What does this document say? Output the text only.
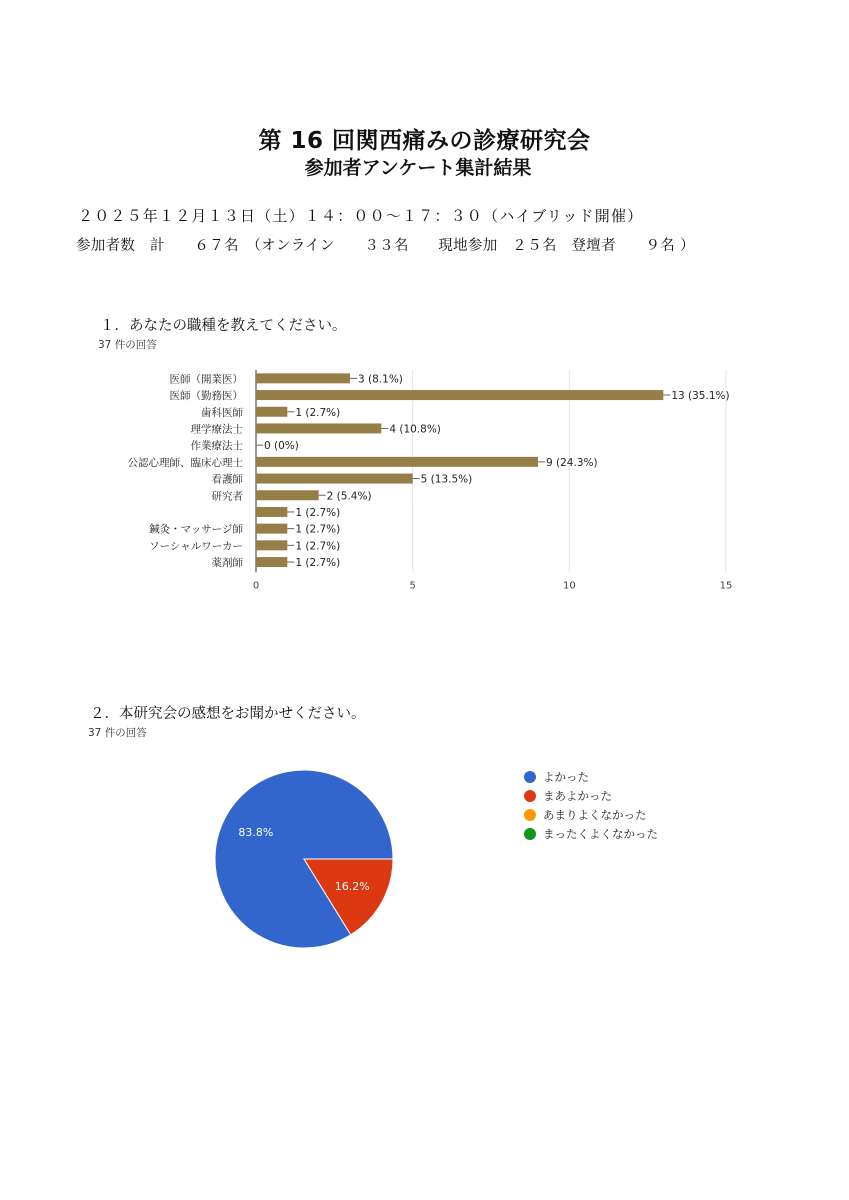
第 16 回関西痛みの診療研究会
参加者アンケート集計結果
２０２５年１２月１３日（土）１４：００～１７：３０（ハイブリッド開催）
参加者数　計　　６７名　（オンライン　　３３名　　現地参加　２５名　登壇者　　９名 ）
１．あなたの職種を教えてください。
37 件の回答
0	5	10	15
3 (8.1%)
医師（開業医）
13 (35.1%)
医師（勤務医）
1 (2.7%)
歯科医師
4 (10.8%)
理学療法士
0 (0%)
作業療法士
9 (24.3%)
公認心理師、臨床心理士
5 (13.5%)
看護師
2 (5.4%)
研究者
1 (2.7%)
1 (2.7%)
鍼灸・マッサージ師
1 (2.7%)
ソーシャルワーカー
1 (2.7%)
薬剤師
２．本研究会の感想をお聞かせください。
37 件の回答
83.8%
16.2%
よかった
まあよかった
あまりよくなかった
まったくよくなかった
